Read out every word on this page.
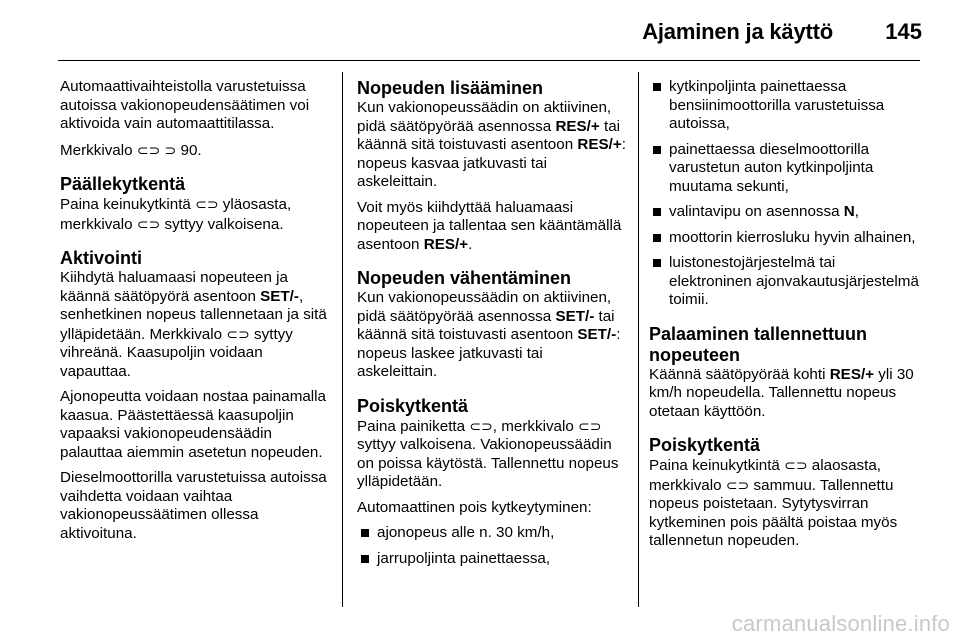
Ajaminen ja käyttö 145

Automaattivaihteistolla varustetuissa autoissa vakionopeudensäätimen voi aktivoida vain automaattitilassa.

Merkkivalo ⊂⊃ ⊃ 90.

Päällekytkentä

Paina keinukytkintä ⊂⊃ yläosasta, merkkivalo ⊂⊃ syttyy valkoisena.

Aktivointi

Kiihdytä haluamaasi nopeuteen ja käännä säätöpyörä asentoon SET/-, senhetkinen nopeus tallennetaan ja sitä ylläpidetään. Merkkivalo ⊂⊃ syttyy vihreänä. Kaasupoljin voidaan vapauttaa.

Ajonopeutta voidaan nostaa painamalla kaasua. Päästettäessä kaasupoljin vapaaksi vakionopeudensäädin palauttaa aiemmin asetetun nopeuden.

Dieselmoottorilla varustetuissa autoissa vaihdetta voidaan vaihtaa vakionopeussäätimen ollessa aktivoituna.

Nopeuden lisääminen

Kun vakionopeussäädin on aktiivinen, pidä säätöpyörää asennossa RES/+ tai käännä sitä toistuvasti asentoon RES/+: nopeus kasvaa jatkuvasti tai askeleittain.

Voit myös kiihdyttää haluamaasi nopeuteen ja tallentaa sen kääntämällä asentoon RES/+.

Nopeuden vähentäminen

Kun vakionopeussäädin on aktiivinen, pidä säätöpyörää asennossa SET/- tai käännä sitä toistuvasti asentoon SET/-: nopeus laskee jatkuvasti tai askeleittain.

Poiskytkentä

Paina painiketta ⊂⊃, merkkivalo ⊂⊃ syttyy valkoisena. Vakionopeussäädin on poissa käytöstä. Tallennettu nopeus ylläpidetään.

Automaattinen pois kytkeytyminen:

ajonopeus alle n. 30 km/h,
jarrupoljinta painettaessa,
kytkinpoljinta painettaessa bensiinimoottorilla varustetuissa autoissa,
painettaessa dieselmoottorilla varustetun auton kytkinpoljinta muutama sekunti,
valintavipu on asennossa N,
moottorin kierrosluku hyvin alhainen,
luistonestojärjestelmä tai elektroninen ajonvakautusjärjestelmä toimii.
Palaaminen tallennettuun nopeuteen

Käännä säätöpyörää kohti RES/+ yli 30 km/h nopeudella. Tallennettu nopeus otetaan käyttöön.

Poiskytkentä

Paina keinukytkintä ⊂⊃ alaosasta, merkkivalo ⊂⊃ sammuu. Tallennettu nopeus poistetaan. Sytytysvirran kytkeminen pois päältä poistaa myös tallennetun nopeuden.

carmanualsonline.info
